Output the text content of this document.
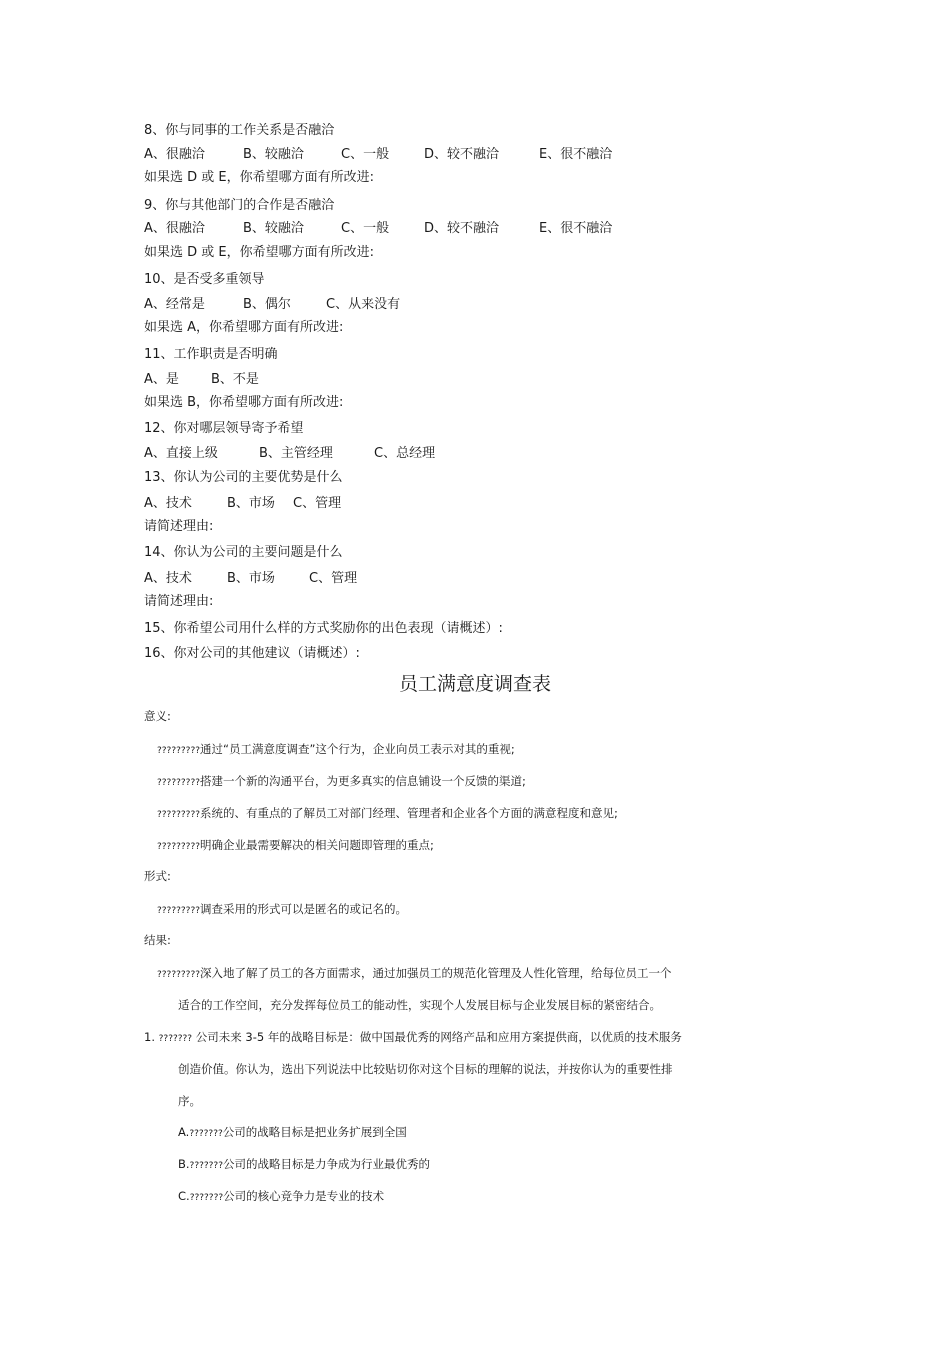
8、你与同事的工作关系是否融洽
A、很融洽	B、较融洽	C、一般	D、较不融洽	E、很不融洽
如果选 D 或 E，你希望哪方面有所改进:
9、你与其他部门的合作是否融洽
A、很融洽	B、较融洽	C、一般	D、较不融洽	E、很不融洽
如果选 D 或 E，你希望哪方面有所改进:
10、是否受多重领导
A、经常是	B、偶尔	C、从来没有
如果选 A，你希望哪方面有所改进:
11、工作职责是否明确
A、是 B、不是
如果选 B，你希望哪方面有所改进:
12、你对哪层领导寄予希望
A、直接上级	B、主管经理	C、总经理
13、你认为公司的主要优势是什么
A、技术	B、市场 C、管理
请简述理由:
14、你认为公司的主要问题是什么
A、技术	B、市场	C、管理
请简述理由:
15、你希望公司用什么样的方式奖励你的出色表现（请概述）:
16、你对公司的其他建议（请概述）:
员工满意度调查表
意义:
?????????通过“员工满意度调查”这个行为，企业向员工表示对其的重视;
?????????搭建一个新的沟通平台，为更多真实的信息铺设一个反馈的渠道;
?????????系统的、有重点的了解员工对部门经理、管理者和企业各个方面的满意程度和意见;
?????????明确企业最需要解决的相关问题即管理的重点;
形式:
?????????调查采用的形式可以是匿名的或记名的。
结果:
?????????深入地了解了员工的各方面需求，通过加强员工的规范化管理及人性化管理，给每位员工一个
适合的工作空间，充分发挥每位员工的能动性，实现个人发展目标与企业发展目标的紧密结合。
1. ??????? 公司未来 3-5 年的战略目标是：做中国最优秀的网络产品和应用方案提供商，以优质的技术服务
创造价值。你认为，选出下列说法中比较贴切你对这个目标的理解的说法，并按你认为的重要性排
序。
A.???????公司的战略目标是把业务扩展到全国
B.???????公司的战略目标是力争成为行业最优秀的
C.???????公司的核心竞争力是专业的技术
